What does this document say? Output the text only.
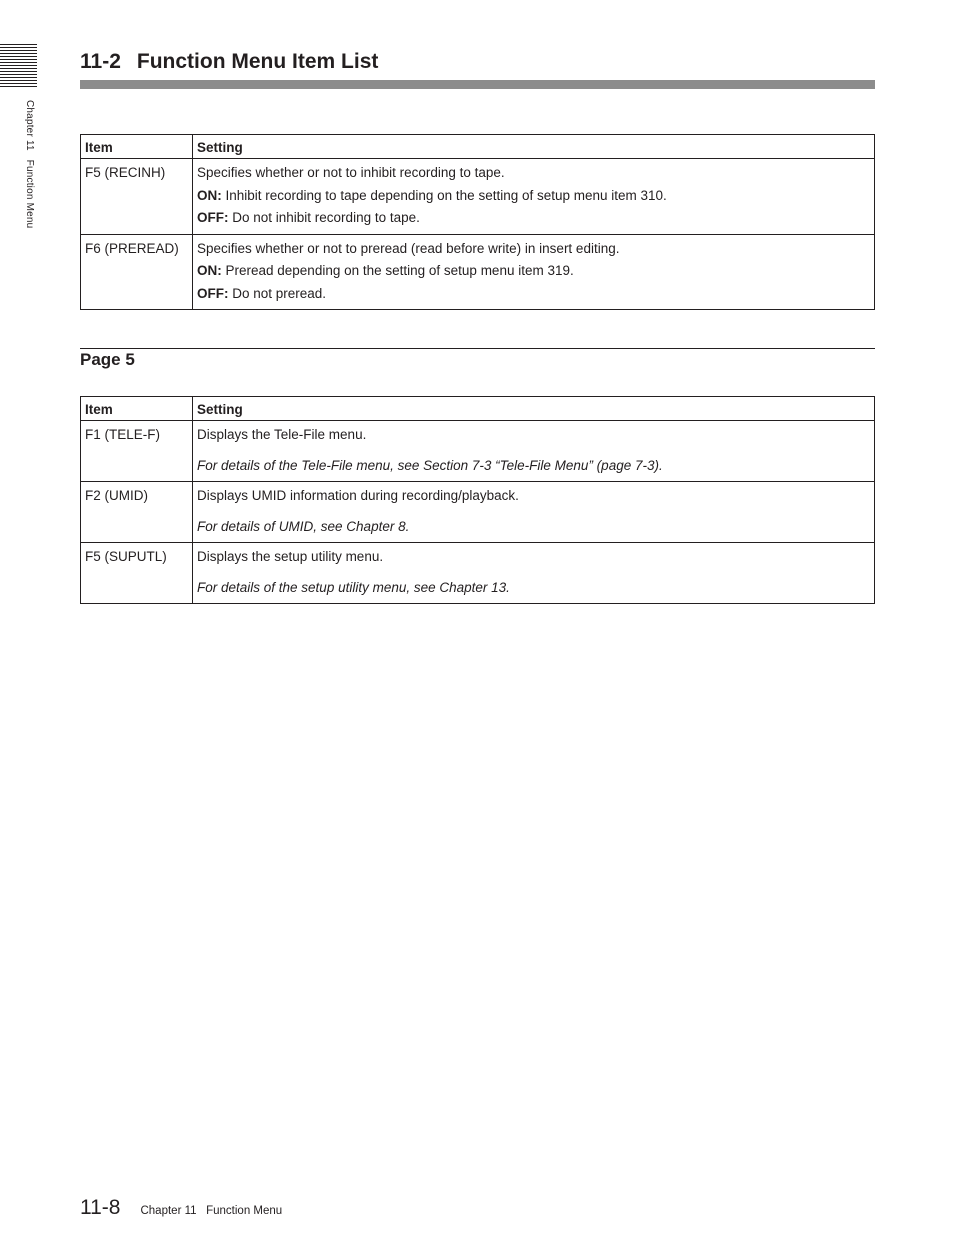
Chapter 11   Function Menu
11-2 Function Menu Item List
Item	Setting
F5 (RECINH)	Specifies whether or not to inhibit recording to tape.

ON: Inhibit recording to tape depending on the setting of setup menu item 310.

OFF: Do not inhibit recording to tape.

F6 (PREREAD)	Specifies whether or not to preread (read before write) in insert editing.

ON: Preread depending on the setting of setup menu item 319.

OFF: Do not preread.

Page 5
Item	Setting
F1 (TELE-F)	Displays the Tele-File menu.

For details of the Tele-File menu, see Section 7-3 “Tele-File Menu” (page 7-3).

F2 (UMID)	Displays UMID information during recording/playback.

For details of UMID, see Chapter 8.

F5 (SUPUTL)	Displays the setup utility menu.

For details of the setup utility menu, see Chapter 13.

11-8 Chapter 11   Function Menu
